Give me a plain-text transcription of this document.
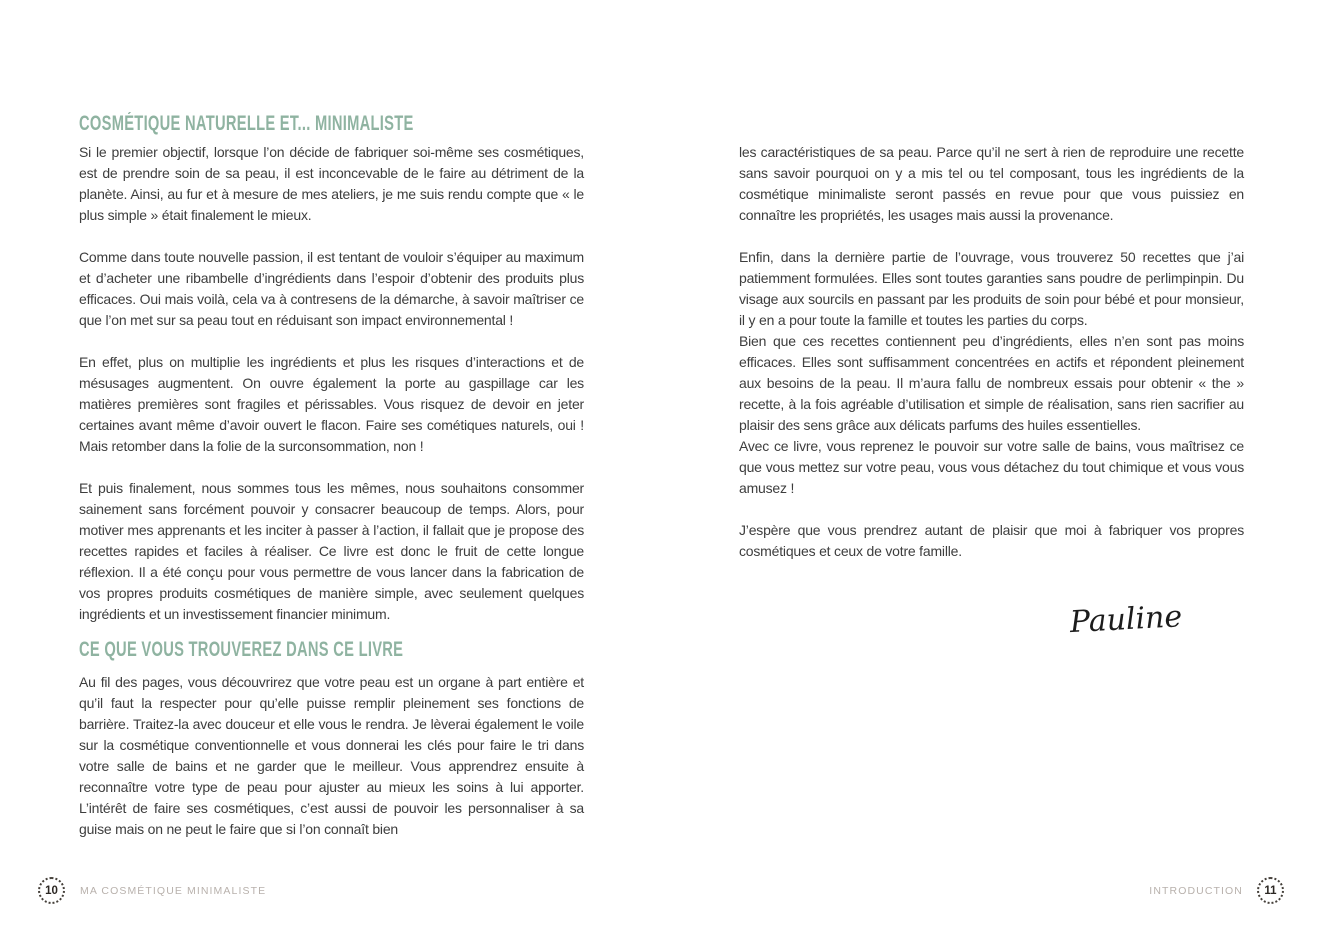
COSMÉTIQUE NATURELLE ET... MINIMALISTE

Si le premier objectif, lorsque l’on décide de fabriquer soi-même ses cosmétiques, est de prendre soin de sa peau, il est inconcevable de le faire au détriment de la planète. Ainsi, au fur et à mesure de mes ateliers, je me suis rendu compte que « le plus simple » était finalement le mieux.

Comme dans toute nouvelle passion, il est tentant de vouloir s’équiper au maximum et d’acheter une ribambelle d’ingrédients dans l’espoir d’obtenir des produits plus efficaces. Oui mais voilà, cela va à contresens de la démarche, à savoir maîtriser ce que l’on met sur sa peau tout en réduisant son impact environnemental !

En effet, plus on multiplie les ingrédients et plus les risques d’interactions et de mésusages augmentent. On ouvre également la porte au gaspillage car les matières premières sont fragiles et périssables. Vous risquez de devoir en jeter certaines avant même d’avoir ouvert le flacon. Faire ses cométiques naturels, oui ! Mais retomber dans la folie de la surconsommation, non !

Et puis finalement, nous sommes tous les mêmes, nous souhaitons consommer sainement sans forcément pouvoir y consacrer beaucoup de temps. Alors, pour motiver mes apprenants et les inciter à passer à l’action, il fallait que je propose des recettes rapides et faciles à réaliser. Ce livre est donc le fruit de cette longue réflexion. Il a été conçu pour vous permettre de vous lancer dans la fabrication de vos propres produits cosmétiques de manière simple, avec seulement quelques ingrédients et un investissement financier minimum.

CE QUE VOUS TROUVEREZ DANS CE LIVRE

Au fil des pages, vous découvrirez que votre peau est un organe à part entière et qu’il faut la respecter pour qu’elle puisse remplir pleinement ses fonctions de barrière. Traitez-la avec douceur et elle vous le rendra. Je lèverai également le voile sur la cosmétique conventionnelle et vous donnerai les clés pour faire le tri dans votre salle de bains et ne garder que le meilleur. Vous apprendrez ensuite à reconnaître votre type de peau pour ajuster au mieux les soins à lui apporter. L’intérêt de faire ses cosmétiques, c’est aussi de pouvoir les personnaliser à sa guise mais on ne peut le faire que si l’on connaît bien

les caractéristiques de sa peau. Parce qu’il ne sert à rien de reproduire une recette sans savoir pourquoi on y a mis tel ou tel composant, tous les ingrédients de la cosmétique minimaliste seront passés en revue pour que vous puissiez en connaître les propriétés, les usages mais aussi la provenance.

Enfin, dans la dernière partie de l’ouvrage, vous trouverez 50 recettes que j’ai patiemment formulées. Elles sont toutes garanties sans poudre de perlimpinpin. Du visage aux sourcils en passant par les produits de soin pour bébé et pour monsieur, il y en a pour toute la famille et toutes les parties du corps.

Bien que ces recettes contiennent peu d’ingrédients, elles n’en sont pas moins efficaces. Elles sont suffisamment concentrées en actifs et répondent pleinement aux besoins de la peau. Il m’aura fallu de nombreux essais pour obtenir « the » recette, à la fois agréable d’utilisation et simple de réalisation, sans rien sacrifier au plaisir des sens grâce aux délicats parfums des huiles essentielles.

Avec ce livre, vous reprenez le pouvoir sur votre salle de bains, vous maîtrisez ce que vous mettez sur votre peau, vous vous détachez du tout chimique et vous vous amusez !

J’espère que vous prendrez autant de plaisir que moi à fabriquer vos propres cosmétiques et ceux de votre famille.

Pauline
10	MA COSMÉTIQUE MINIMALISTE	INTRODUCTION	11
